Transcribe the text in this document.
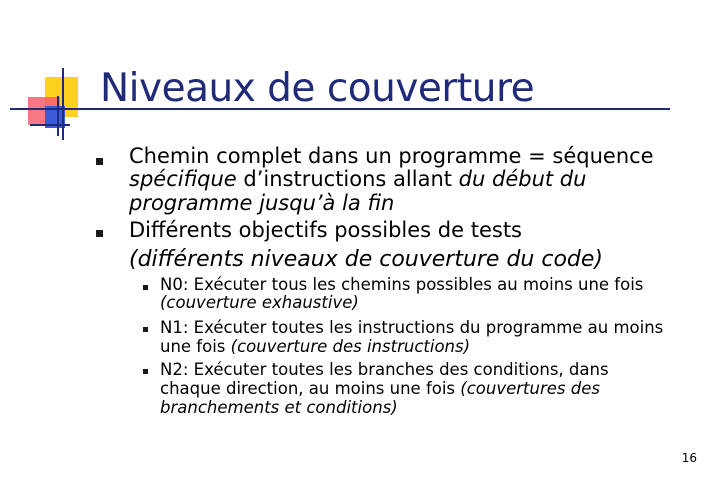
Niveaux de couverture
Chemin complet dans un programme = séquence
spécifique d’instructions allant du début du
programme jusqu’à la fin
Différents objectifs possibles de tests
(différents niveaux de couverture du code)
N0: Exécuter tous les chemins possibles au moins une fois
(couverture exhaustive)
N1: Exécuter toutes les instructions du programme au moins
une fois (couverture des instructions)
N2: Exécuter toutes les branches des conditions, dans
chaque direction, au moins une fois (couvertures des
branchements et conditions)
16
